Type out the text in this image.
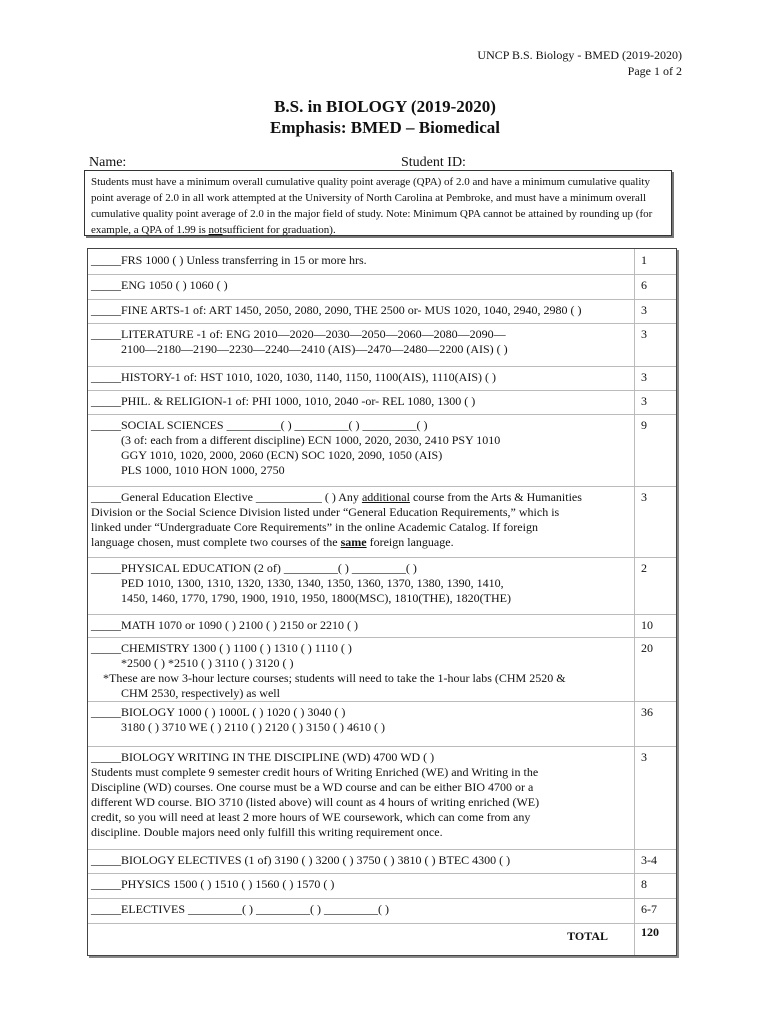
UNCP B.S. Biology - BMED (2019-2020)
Page 1 of 2
B.S. in BIOLOGY (2019-2020)
Emphasis: BMED – Biomedical
Name:	Student ID:
Students must have a minimum overall cumulative quality point average (QPA) of 2.0 and have a minimum cumulative quality point average of 2.0 in all work attempted at the University of North Carolina at Pembroke, and must have a minimum overall cumulative quality point average of 2.0 in the major field of study. Note: Minimum QPA cannot be attained by rounding up (for example, a QPA of 1.99 is notsufficient for graduation).
_____FRS 1000 ( ) Unless transferring in 15 or more hrs.	1
_____ENG 1050 ( ) 1060 ( )	6
_____FINE ARTS-1 of: ART 1450, 2050, 2080, 2090, THE 2500 or- MUS 1020, 1040, 2940, 2980 ( )	3
_____LITERATURE -1 of: ENG 2010—2020—2030—2050—2060—2080—2090—
2100—2180—2190—2230—2240—2410 (AIS)—2470—2480—2200 (AIS) ( )
3
_____HISTORY-1 of: HST 1010, 1020, 1030, 1140, 1150, 1100(AIS), 1110(AIS) ( )	3
_____PHIL. & RELIGION-1 of: PHI 1000, 1010, 2040 -or- REL 1080, 1300 ( )	3
_____SOCIAL SCIENCES _________( ) _________( ) _________( )
(3 of: each from a different discipline) ECN 1000, 2020, 2030, 2410 PSY 1010
GGY 1010, 1020, 2000, 2060 (ECN) SOC 1020, 2090, 1050 (AIS)
PLS 1000, 1010 HON 1000, 2750
9
_____General Education Elective ___________ ( ) Any additional course from the Arts & Humanities
Division or the Social Science Division listed under “General Education Requirements,” which is
linked under “Undergraduate Core Requirements” in the online Academic Catalog. If foreign
language chosen, must complete two courses of the same foreign language.
3
_____PHYSICAL EDUCATION (2 of) _________( ) _________( )
PED 1010, 1300, 1310, 1320, 1330, 1340, 1350, 1360, 1370, 1380, 1390, 1410,
1450, 1460, 1770, 1790, 1900, 1910, 1950, 1800(MSC), 1810(THE), 1820(THE)
2
_____MATH 1070 or 1090 ( ) 2100 ( ) 2150 or 2210 ( )	10
_____CHEMISTRY 1300 ( ) 1100 ( ) 1310 ( ) 1110 ( )
*2500 ( ) *2510 ( ) 3110 ( ) 3120 ( )
*These are now 3-hour lecture courses; students will need to take the 1-hour labs (CHM 2520 &
CHM 2530, respectively) as well
20
_____BIOLOGY 1000 ( ) 1000L ( ) 1020 ( ) 3040 ( )
3180 ( ) 3710 WE ( ) 2110 ( ) 2120 ( ) 3150 ( ) 4610 ( )
36
_____BIOLOGY WRITING IN THE DISCIPLINE (WD) 4700 WD ( )
Students must complete 9 semester credit hours of Writing Enriched (WE) and Writing in the
Discipline (WD) courses. One course must be a WD course and can be either BIO 4700 or a
different WD course. BIO 3710 (listed above) will count as 4 hours of writing enriched (WE)
credit, so you will need at least 2 more hours of WE coursework, which can come from any
discipline. Double majors need only fulfill this writing requirement once.
3
_____BIOLOGY ELECTIVES (1 of) 3190 ( ) 3200 ( ) 3750 ( ) 3810 ( ) BTEC 4300 ( )	3-4
_____PHYSICS 1500 ( ) 1510 ( ) 1560 ( ) 1570 ( )	8
_____ELECTIVES _________( ) _________( ) _________( )	6-7
TOTAL	120
